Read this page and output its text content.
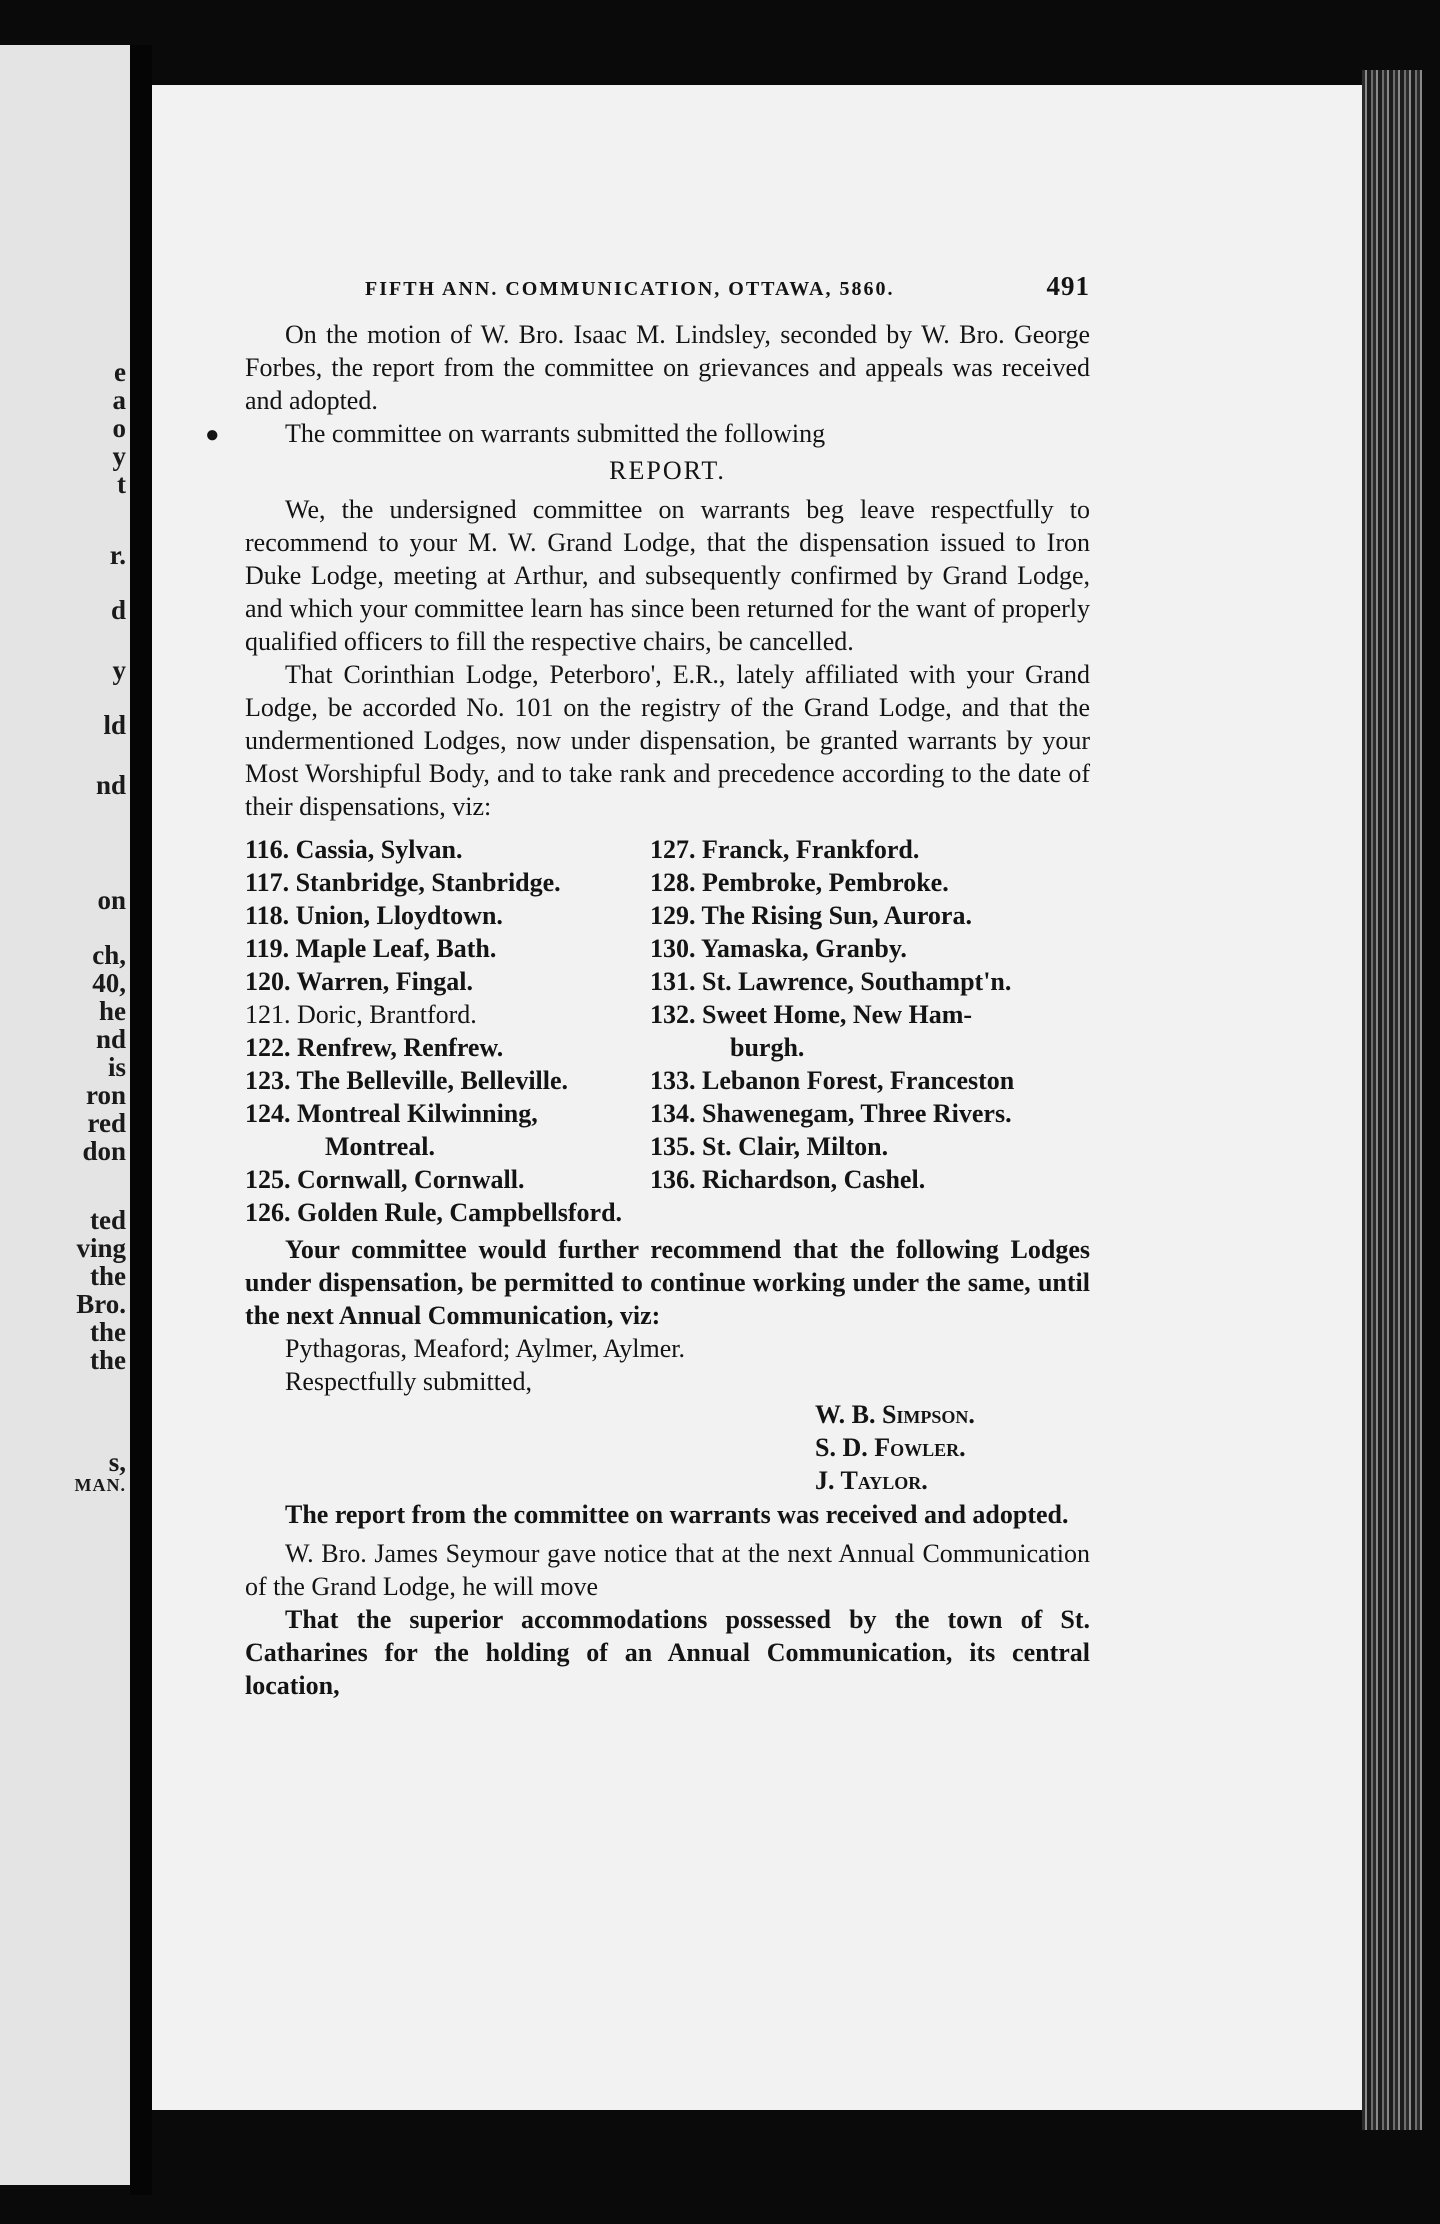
e
a
o
y
t
r.
d
y
ld
nd
on
ch,
40,
he
nd
is
ron
red
don
ted
ving
the
Bro.
the
the
s,
MAN.
FIFTH ANN. COMMUNICATION, OTTAWA, 5860.	491

On the motion of W. Bro. Isaac M. Lindsley, seconded by W. Bro. George Forbes, the report from the committee on grievances and appeals was received and adopted.

●	The committee on warrants submitted the following

REPORT.

We, the undersigned committee on warrants beg leave respectfully to recommend to your M. W. Grand Lodge, that the dispensation issued to Iron Duke Lodge, meeting at Arthur, and subsequently confirmed by Grand Lodge, and which your committee learn has since been returned for the want of properly qualified officers to fill the respective chairs, be cancelled.

That Corinthian Lodge, Peterboro', E.R., lately affiliated with your Grand Lodge, be accorded No. 101 on the registry of the Grand Lodge, and that the undermentioned Lodges, now under dispensation, be granted warrants by your Most Worshipful Body, and to take rank and precedence according to the date of their dispensations, viz:

116. Cassia, Sylvan.
117. Stanbridge, Stanbridge.
118. Union, Lloydtown.
119. Maple Leaf, Bath.
120. Warren, Fingal.
121. Doric, Brantford.
122. Renfrew, Renfrew.
123. The Belleville, Belleville.
124. Montreal Kilwinning,
Montreal.
125. Cornwall, Cornwall.
126. Golden Rule, Campbellsford.
127. Franck, Frankford.
128. Pembroke, Pembroke.
129. The Rising Sun, Aurora.
130. Yamaska, Granby.
131. St. Lawrence, Southampt'n.
132. Sweet Home, New Ham-
burgh.
133. Lebanon Forest, Franceston
134. Shawenegam, Three Rivers.
135. St. Clair, Milton.
136. Richardson, Cashel.

Your committee would further recommend that the following Lodges under dispensation, be permitted to continue working under the same, until the next Annual Communication, viz:

Pythagoras, Meaford; Aylmer, Aylmer.

Respectfully submitted,

W. B. Simpson.
S. D. Fowler.
J. Taylor.

The report from the committee on warrants was received and adopted.

W. Bro. James Seymour gave notice that at the next Annual Communication of the Grand Lodge, he will move

That the superior accommodations possessed by the town of St. Catharines for the holding of an Annual Communication, its central location,
